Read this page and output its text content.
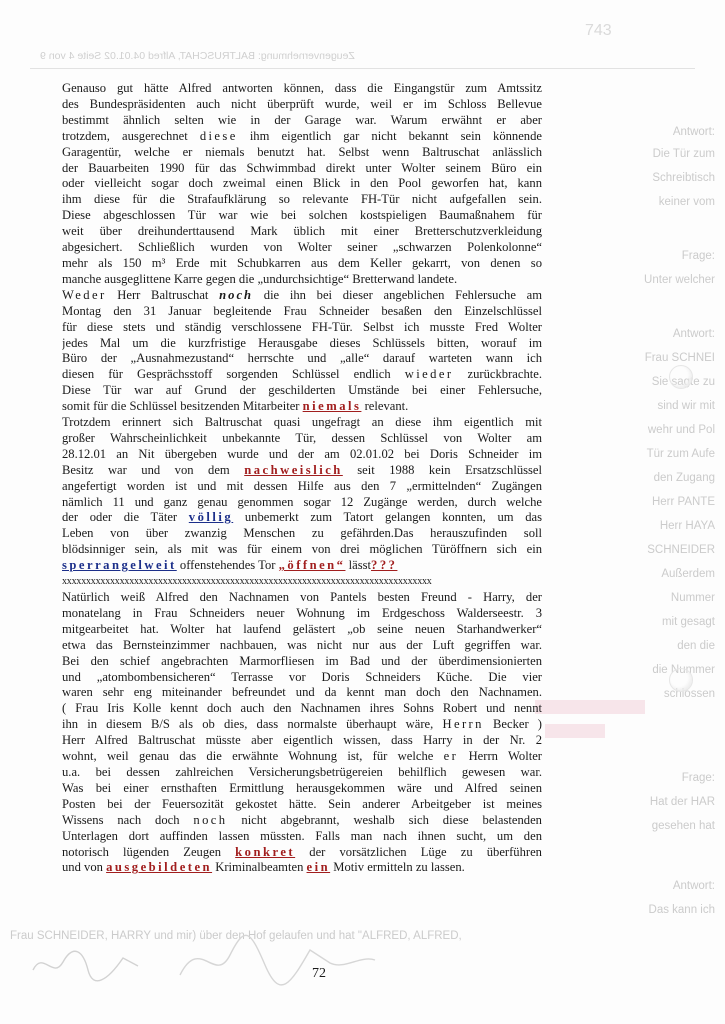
743
Zeugenvernehmung: BALTRUSCHAT, Alfred 04.01.02 Seite 4 von 9
Antwort:
Die Tür zum
Schreibtisch
keiner vom
Frage:
Unter welcher
Antwort:
Frau SCHNEI
Sie sagte zu
sind wir mit
wehr und Pol
Tür zum Aufe
den Zugang
Herr PANTE
Herr HAYA
SCHNEIDER
Außerdem
Nummer
mit gesagt
den die
die Nummer
schlossen
Frage:
Hat der HAR
gesehen hat
Antwort:
Das kann ich
Frau SCHNEIDER, HARRY und mir) über den Hof gelaufen und hat "ALFRED, ALFRED,
Genauso gut hätte Alfred antworten können, dass die Eingangstür zum Amtssitz
des Bundespräsidenten auch nicht überprüft wurde, weil er im Schloss Bellevue
bestimmt ähnlich selten wie in der Garage war. Warum erwähnt er aber
trotzdem, ausgerechnet diese ihm eigentlich gar nicht bekannt sein könnende
Garagentür, welche er niemals benutzt hat. Selbst wenn Baltruschat anlässlich
der Bauarbeiten 1990 für das Schwimmbad direkt unter Wolter seinem Büro ein
oder vielleicht sogar doch zweimal einen Blick in den Pool geworfen hat, kann
ihm diese für die Strafaufklärung so relevante FH-Tür nicht aufgefallen sein.
Diese abgeschlossen Tür war wie bei solchen kostspieligen Baumaßnahem für
weit über dreihunderttausend Mark üblich mit einer Bretterschutzverkleidung
abgesichert. Schließlich wurden von Wolter seiner „schwarzen Polenkolonne“
mehr als 150 m³ Erde mit Schubkarren aus dem Keller gekarrt, von denen so
manche ausgeglittene Karre gegen die „undurchsichtige“ Bretterwand landete.
Weder Herr Baltruschat noch die ihn bei dieser angeblichen Fehlersuche am
Montag den 31 Januar begleitende Frau Schneider besaßen den Einzelschlüssel
für diese stets und ständig verschlossene FH-Tür. Selbst ich musste Fred Wolter
jedes Mal um die kurzfristige Herausgabe dieses Schlüssels bitten, worauf im
Büro der „Ausnahmezustand“ herrschte und „alle“ darauf warteten wann ich
diesen für Gesprächsstoff sorgenden Schlüssel endlich wieder zurückbrachte.
Diese Tür war auf Grund der geschilderten Umstände bei einer Fehlersuche,
somit für die Schlüssel besitzenden Mitarbeiter niemals relevant.
Trotzdem erinnert sich Baltruschat quasi ungefragt an diese ihm eigentlich mit
großer Wahrscheinlichkeit unbekannte Tür, dessen Schlüssel von Wolter am
28.12.01 an Nit übergeben wurde und der am 02.01.02 bei Doris Schneider im
Besitz war und von dem nachweislich seit 1988 kein Ersatzschlüssel
angefertigt worden ist und mit dessen Hilfe aus den 7 „ermittelnden“ Zugängen
nämlich 11 und ganz genau genommen sogar 12 Zugänge werden, durch welche
der oder die Täter völlig unbemerkt zum Tatort gelangen konnten, um das
Leben von über zwanzig Menschen zu gefährden.Das herauszufinden soll
blödsinniger sein, als mit was für einem von drei möglichen Türöffnern sich ein
sperrangelweit offenstehendes Tor „öffnen“ lässt???
xxxxxxxxxxxxxxxxxxxxxxxxxxxxxxxxxxxxxxxxxxxxxxxxxxxxxxxxxxxxxxxxxxxxxxxxxxxxx
Natürlich weiß Alfred den Nachnamen von Pantels besten Freund - Harry, der
monatelang in Frau Schneiders neuer Wohnung im Erdgeschoss Walderseestr. 3
mitgearbeitet hat. Wolter hat laufend gelästert „ob seine neuen Starhandwerker“
etwa das Bernsteinzimmer nachbauen, was nicht nur aus der Luft gegriffen war.
Bei den schief angebrachten Marmorfliesen im Bad und der überdimensionierten
und „atombombensicheren“ Terrasse vor Doris Schneiders Küche. Die vier
waren sehr eng miteinander befreundet und da kennt man doch den Nachnamen.
( Frau Iris Kolle kennt doch auch den Nachnamen ihres Sohns Robert und nennt
ihn in diesem B/S als ob dies, dass normalste überhaupt wäre, Herrn Becker )
Herr Alfred Baltruschat müsste aber eigentlich wissen, dass Harry in der Nr. 2
wohnt, weil genau das die erwähnte Wohnung ist, für welche er Herrn Wolter
u.a. bei dessen zahlreichen Versicherungsbetrügereien behilflich gewesen war.
Was bei einer ernsthaften Ermittlung herausgekommen wäre und Alfred seinen
Posten bei der Feuersozität gekostet hätte. Sein anderer Arbeitgeber ist meines
Wissens nach doch noch nicht abgebrannt, weshalb sich diese belastenden
Unterlagen dort auffinden lassen müssten. Falls man nach ihnen sucht, um den
notorisch lügenden Zeugen konkret der vorsätzlichen Lüge zu überführen
und von ausgebildeten Kriminalbeamten ein Motiv ermitteln zu lassen.
72
